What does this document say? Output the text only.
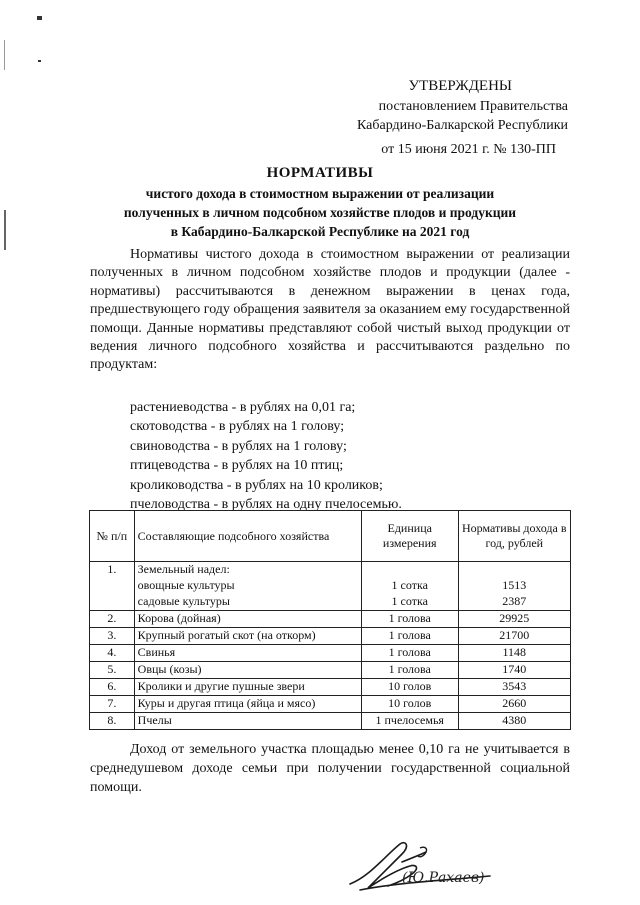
УТВЕРЖДЕНЫ
постановлением Правительства
Кабардино-Балкарской Республики
от 15 июня 2021 г. № 130-ПП
НОРМАТИВЫ
чистого дохода в стоимостном выражении от реализации
полученных в личном подсобном хозяйстве плодов и продукции
в Кабардино-Балкарской Республике на 2021 год

Нормативы чистого дохода в стоимостном выражении от реализации полученных в личном подсобном хозяйстве плодов и продукции (далее - нормативы) рассчитываются в денежном выражении в ценах года, предшествующего году обращения заявителя за оказанием ему государственной помощи. Данные нормативы представляют собой чистый выход продукции от ведения личного подсобного хозяйства и рассчитываются раздельно по продуктам:

растениеводства - в рублях на 0,01 га;
скотоводства - в рублях на 1 голову;
свиноводства - в рублях на 1 голову;
птицеводства - в рублях на 10 птиц;
кролиководства - в рублях на 10 кроликов;
пчеловодства - в рублях на одну пчелосемью.
№ п/п	Составляющие подсобного хозяйства	Единица измерения	Нормативы дохода в год, рублей
1.	Земельный надел:		
	овощные культуры	1 сотка	1513
	садовые культуры	1 сотка	2387
2.	Корова (дойная)	1 голова	29925
3.	Крупный рогатый скот (на откорм)	1 голова	21700
4.	Свинья	1 голова	1148
5.	Овцы (козы)	1 голова	1740
6.	Кролики и другие пушные звери	10 голов	3543
7.	Куры и другая птица (яйца и мясо)	10 голов	2660
8.	Пчелы	1 пчелосемья	4380

Доход от земельного участка площадью менее 0,10 га не учитывается в среднедушевом доходе семьи при получении государственной социальной помощи.

(Ю.Рахаев)
